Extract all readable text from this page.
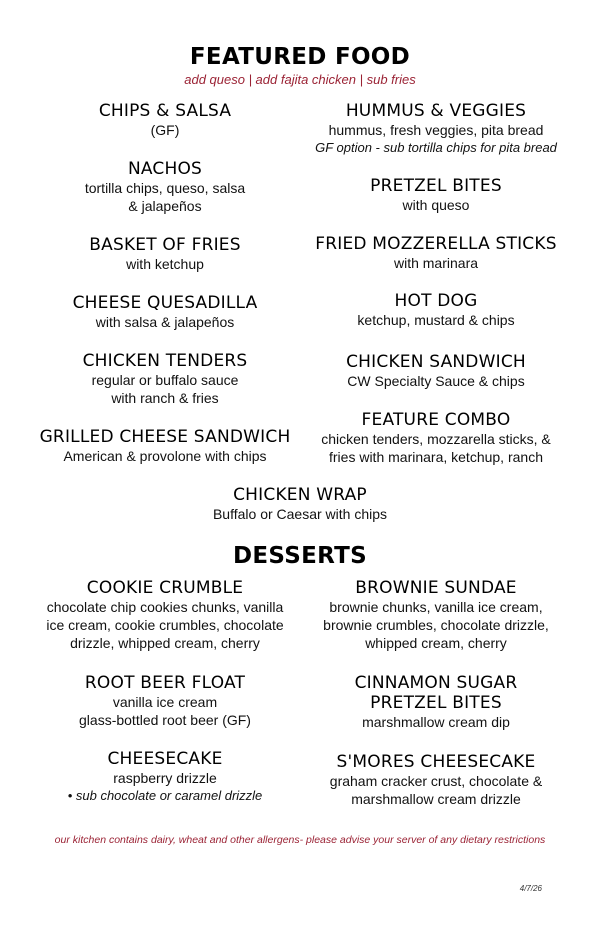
FEATURED FOOD
add queso | add fajita chicken | sub fries
CHIPS & SALSA
(GF)
NACHOS
tortilla chips, queso, salsa
& jalapeños
BASKET OF FRIES
with ketchup
CHEESE QUESADILLA
with salsa & jalapeños
CHICKEN TENDERS
regular or buffalo sauce
with ranch & fries
GRILLED CHEESE SANDWICH
American & provolone with chips
HUMMUS & VEGGIES
hummus, fresh veggies, pita bread
GF option - sub tortilla chips for pita bread
PRETZEL BITES
with queso
FRIED MOZZERELLA STICKS
with marinara
HOT DOG
ketchup, mustard & chips
CHICKEN SANDWICH
CW Specialty Sauce & chips
FEATURE COMBO
chicken tenders, mozzarella sticks, &
fries with marinara, ketchup, ranch
CHICKEN WRAP
Buffalo or Caesar with chips
DESSERTS
COOKIE CRUMBLE
chocolate chip cookies chunks, vanilla
ice cream, cookie crumbles, chocolate
drizzle, whipped cream, cherry
ROOT BEER FLOAT
vanilla ice cream
glass-bottled root beer (GF)
CHEESECAKE
raspberry drizzle
• sub chocolate or caramel drizzle
BROWNIE SUNDAE
brownie chunks, vanilla ice cream,
brownie crumbles, chocolate drizzle,
whipped cream, cherry
CINNAMON SUGAR
PRETZEL BITES
marshmallow cream dip
S'MORES CHEESECAKE
graham cracker crust, chocolate &
marshmallow cream drizzle
our kitchen contains dairy, wheat and other allergens- please advise your server of any dietary restrictions
4/7/26
